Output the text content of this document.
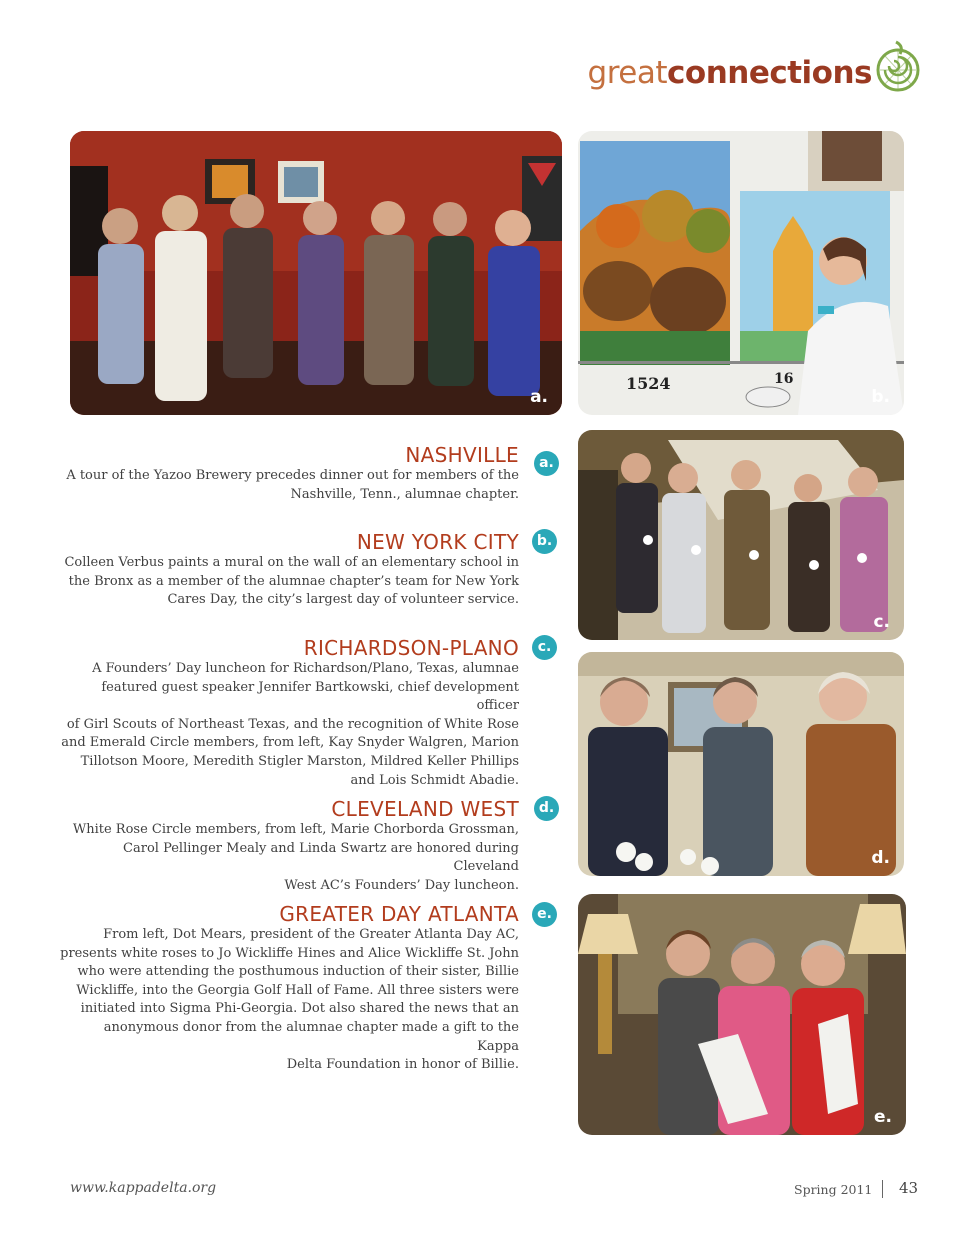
greatconnections
a.
1524	16
b.
c.
d.
e.
NASHVILLE

A tour of the Yazoo Brewery precedes dinner out for members of the
Nashville, Tenn., alumnae chapter.

a.
NEW YORK CITY

Colleen Verbus paints a mural on the wall of an elementary school in
the Bronx as a member of the alumnae chapter’s team for New York
Cares Day, the city’s largest day of volunteer service.

b.
RICHARDSON-PLANO

A Founders’ Day luncheon for Richardson/Plano, Texas, alumnae
featured guest speaker Jennifer Bartkowski, chief development officer
of Girl Scouts of Northeast Texas, and the recognition of White Rose
and Emerald Circle members, from left, Kay Snyder Walgren, Marion
Tillotson Moore, Meredith Stigler Marston, Mildred Keller Phillips
and Lois Schmidt Abadie.

c.
CLEVELAND WEST

White Rose Circle members, from left, Marie Chorborda Grossman,
Carol Pellinger Mealy and Linda Swartz are honored during Cleveland
West AC’s Founders’ Day luncheon.

d.
GREATER DAY ATLANTA

From left, Dot Mears, president of the Greater Atlanta Day AC,
presents white roses to Jo Wickliffe Hines and Alice Wickliffe St. John
who were attending the posthumous induction of their sister, Billie
Wickliffe, into the Georgia Golf Hall of Fame. All three sisters were
initiated into Sigma Phi-Georgia. Dot also shared the news that an
anonymous donor from the alumnae chapter made a gift to the Kappa
Delta Foundation in honor of Billie.

e.
www.kappadelta.org	Spring 2011 43
